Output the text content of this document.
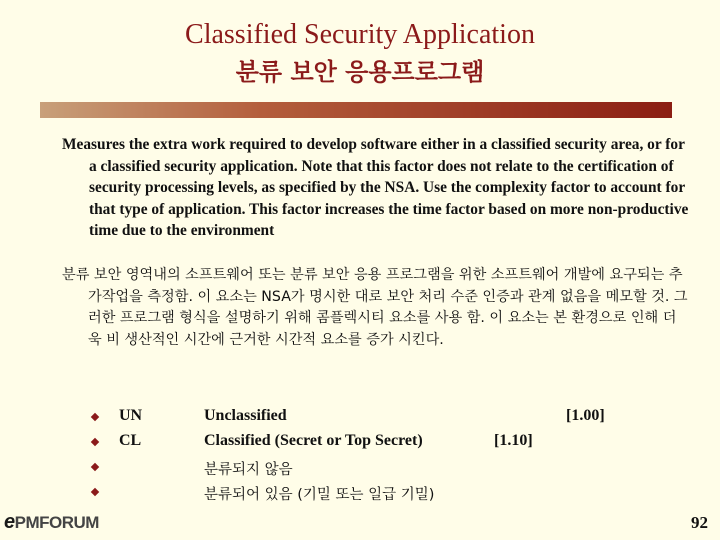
Classified Security Application
분류 보안 응용프로그램
Measures the extra work required to develop software either in a classified security area, or for a classified security application. Note that this factor does not relate to the certification of security processing levels, as specified by the NSA. Use the complexity factor to account for that type of application. This factor increases the time factor based on more non-productive time due to the environment
분류 보안 영역내의 소프트웨어 또는 분류 보안 응용 프로그램을 위한 소프트웨어 개발에 요구되는 추가작업을 측정함. 이 요소는 NSA가 명시한 대로 보안 처리 수준 인증과 관계 없음을 메모할 것. 그러한 프로그램 형식을 설명하기 위해 콤플렉시티 요소를 사용 함. 이 요소는 본 환경으로 인해 더욱 비 생산적인 시간에 근거한 시간적 요소를 증가 시킨다.
UN	Unclassified	[1.00]
CL	Classified (Secret or Top Secret)	[1.10]
분류되지 않음
분류되어 있음 (기밀 또는 일급 기밀)
ePMFORUM	92
